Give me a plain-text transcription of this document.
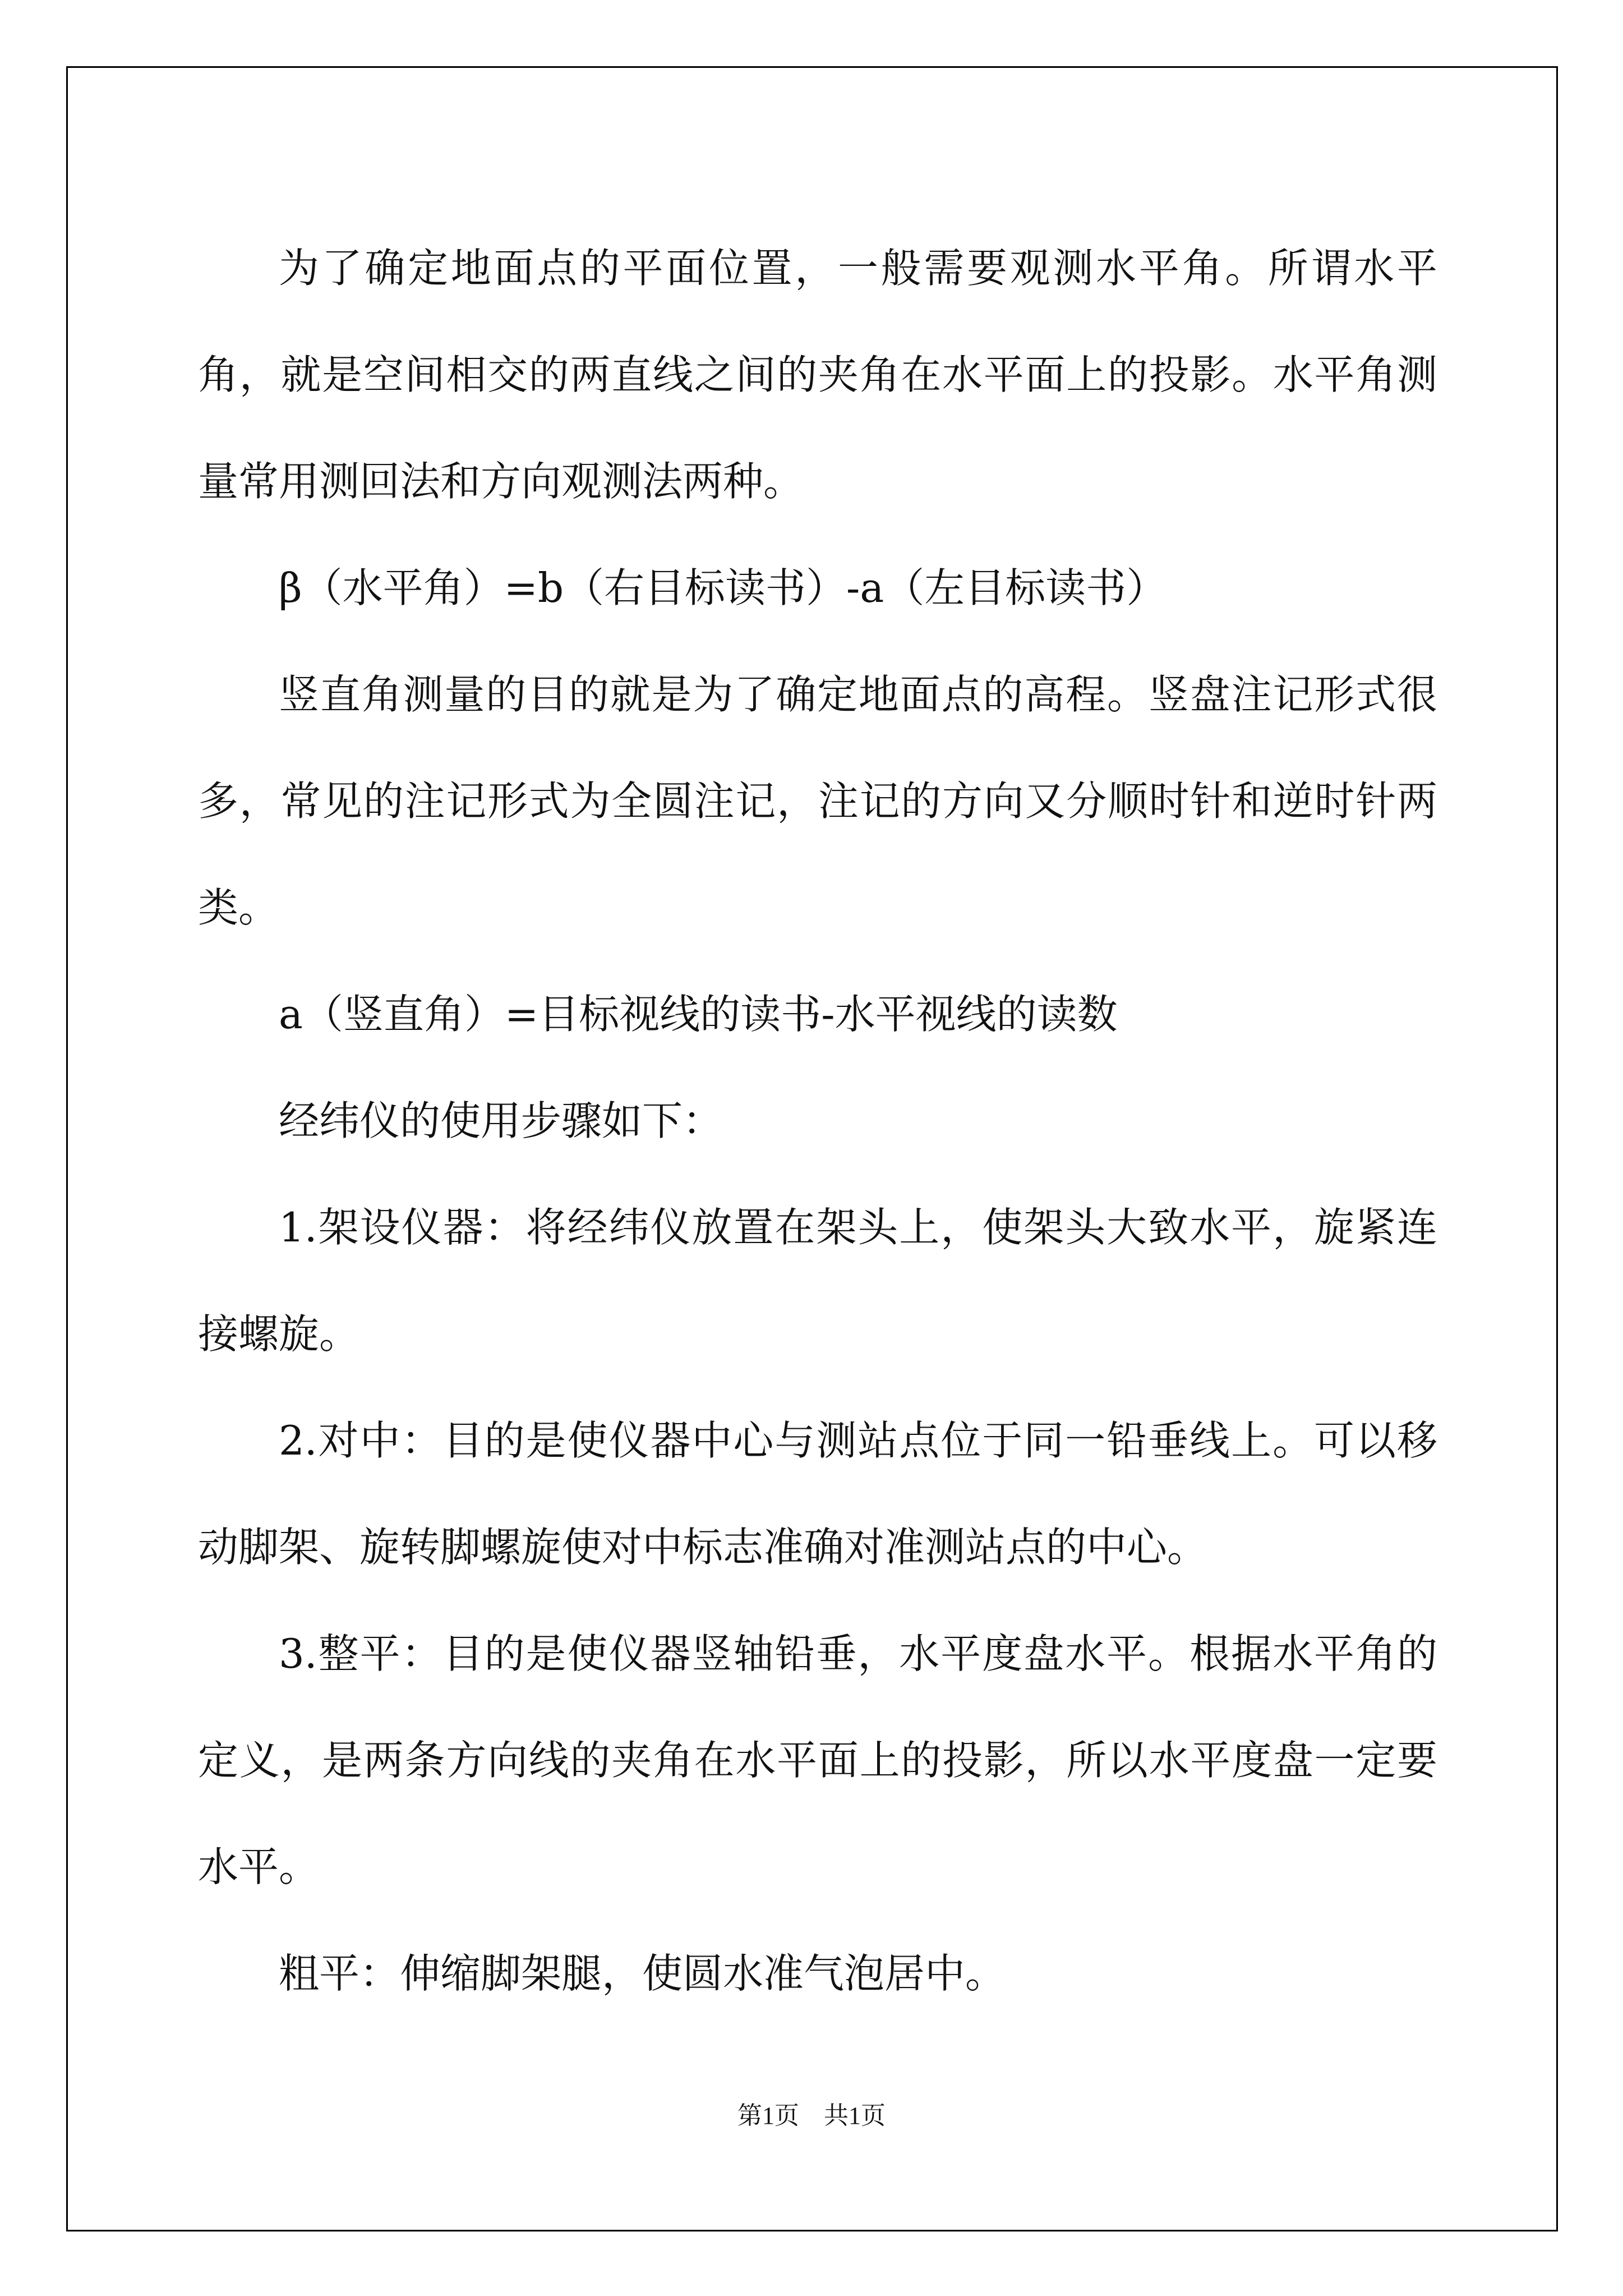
为了确定地面点的平面位置，一般需要观测水平角。所谓水平角，就是空间相交的两直线之间的夹角在水平面上的投影。水平角测量常用测回法和方向观测法两种。

β（水平角）=b（右目标读书）-a（左目标读书）

竖直角测量的目的就是为了确定地面点的高程。竖盘注记形式很多，常见的注记形式为全圆注记，注记的方向又分顺时针和逆时针两类。

a（竖直角）=目标视线的读书-水平视线的读数

经纬仪的使用步骤如下：

1.架设仪器：将经纬仪放置在架头上，使架头大致水平，旋紧连接螺旋。

2.对中：目的是使仪器中心与测站点位于同一铅垂线上。可以移动脚架、旋转脚螺旋使对中标志准确对准测站点的中心。

3.整平：目的是使仪器竖轴铅垂，水平度盘水平。根据水平角的定义，是两条方向线的夹角在水平面上的投影，所以水平度盘一定要水平。

粗平：伸缩脚架腿，使圆水准气泡居中。

第1页　共1页
